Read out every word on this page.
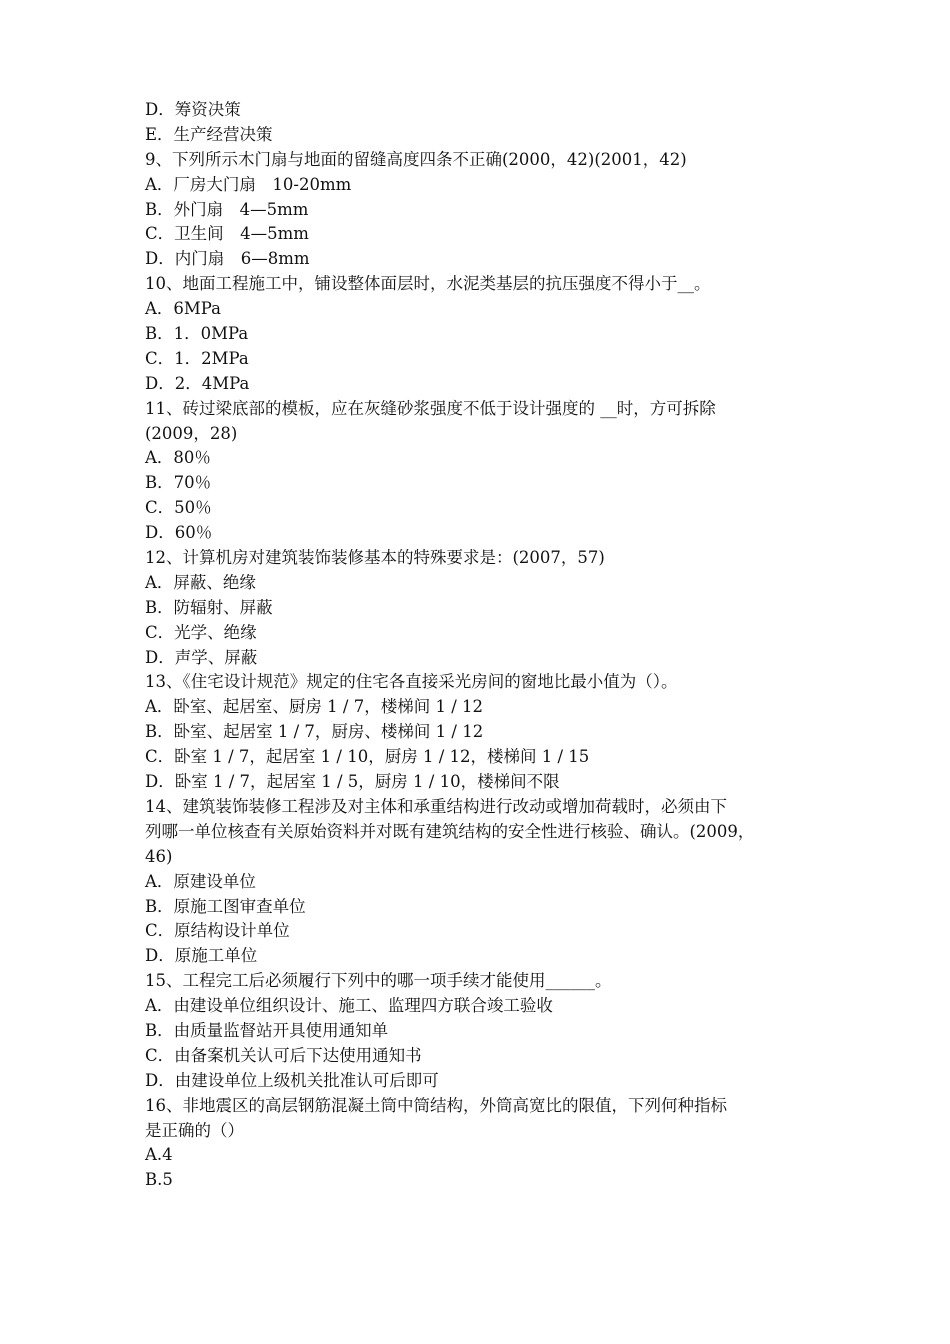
D．筹资决策
E．生产经营决策
9、下列所示木门扇与地面的留缝高度四条不正确(2000，42)(2001，42)
A．厂房大门扇　10-20mm
B．外门扇　4—5mm
C．卫生间　4—5mm
D．内门扇　6—8mm
10、地面工程施工中，铺设整体面层时，水泥类基层的抗压强度不得小于__。
A．6MPa
B．1．0MPa
C．1．2MPa
D．2．4MPa
11、砖过梁底部的模板，应在灰缝砂浆强度不低于设计强度的 __时，方可拆除
(2009，28)
A．80％
B．70％
C．50％
D．60％
12、计算机房对建筑装饰装修基本的特殊要求是：(2007，57)
A．屏蔽、绝缘
B．防辐射、屏蔽
C．光学、绝缘
D．声学、屏蔽
13、《住宅设计规范》规定的住宅各直接采光房间的窗地比最小值为（）。
A．卧室、起居室、厨房 1 / 7，楼梯间 1 / 12
B．卧室、起居室 1 / 7，厨房、楼梯间 1 / 12
C．卧室 1 / 7，起居室 1 / 10，厨房 1 / 12，楼梯间 1 / 15
D．卧室 1 / 7，起居室 1 / 5，厨房 1 / 10，楼梯间不限
14、建筑装饰装修工程涉及对主体和承重结构进行改动或增加荷载时，必须由下
列哪一单位核查有关原始资料并对既有建筑结构的安全性进行核验、确认。(2009，
46)
A．原建设单位
B．原施工图审查单位
C．原结构设计单位
D．原施工单位
15、工程完工后必须履行下列中的哪一项手续才能使用______。
A．由建设单位组织设计、施工、监理四方联合竣工验收
B．由质量监督站开具使用通知单
C．由备案机关认可后下达使用通知书
D．由建设单位上级机关批准认可后即可
16、非地震区的高层钢筋混凝土筒中筒结构，外筒高宽比的限值，下列何种指标
是正确的（）
A.4
B.5
